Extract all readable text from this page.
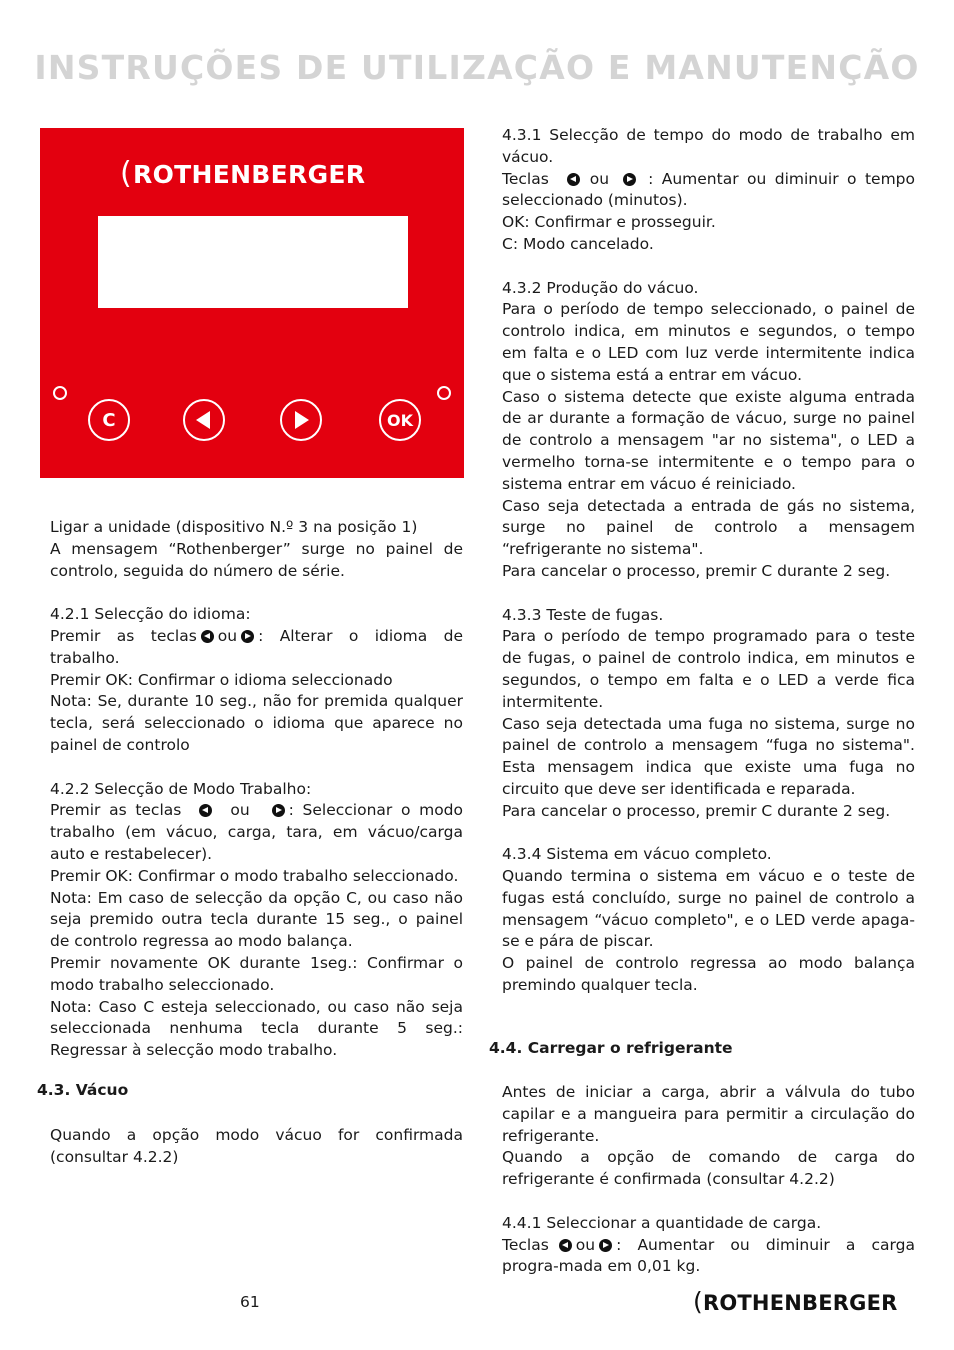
INSTRUÇÕES DE UTILIZAÇÃO E MANUTENÇÃO
(ROTHENBERGER
C	OK

Ligar a unidade (dispositivo N.º 3 na posição 1)

A mensagem “Rothenberger” surge no painel de controlo, seguida do número de série.

4.2.1 Selecção do idioma:

Premir as teclas ou : Alterar o idioma de trabalho.

Premir OK: Confirmar o idioma seleccionado

Nota: Se, durante 10 seg., não for premida qualquer tecla, será seleccionado o idioma que aparece no painel de controlo

4.2.2 Selecção de Modo Trabalho:

Premir as teclas	ou	: Seleccionar o modo trabalho (em vácuo, carga, tara, em vácuo/carga auto e restabelecer).

Premir OK: Confirmar o modo trabalho seleccionado.

Nota: Em caso de selecção da opção C, ou caso não seja premido outra tecla durante 15 seg., o painel de controlo regressa ao modo balança.

Premir novamente OK durante 1seg.: Confirmar o modo trabalho seleccionado.

Nota: Caso C esteja seleccionado, ou caso não seja seleccionada nenhuma tecla durante 5 seg.: Regressar à selecção modo trabalho.

4.3. Vácuo

Quando a opção modo vácuo for confirmada (consultar 4.2.2)

4.3.1 Selecção de tempo do modo de trabalho em vácuo.

Teclas	ou	: Aumentar ou diminuir o tempo seleccionado (minutos).

OK: Confirmar e prosseguir.

C: Modo cancelado.

4.3.2 Produção do vácuo.

Para o período de tempo seleccionado, o painel de controlo indica, em minutos e segundos, o tempo em falta e o LED com luz verde intermitente indica que o sistema está a entrar em vácuo.

Caso o sistema detecte que existe alguma entrada de ar durante a formação de vácuo, surge no painel de controlo a mensagem "ar no sistema", o LED a vermelho torna-se intermitente e o tempo para o sistema entrar em vácuo é reiniciado.

Caso seja detectada a entrada de gás no sistema, surge no painel de controlo a mensagem “refrigerante no sistema".

Para cancelar o processo, premir C durante 2 seg.

4.3.3 Teste de fugas.

Para o período de tempo programado para o teste de fugas, o painel de controlo indica, em minutos e segundos, o tempo em falta e o LED a verde fica intermitente.

Caso seja detectada uma fuga no sistema, surge no painel de controlo a mensagem “fuga no sistema". Esta mensagem indica que existe uma fuga no circuito que deve ser identificada e reparada.

Para cancelar o processo, premir C durante 2 seg.

4.3.4 Sistema em vácuo completo.

Quando termina o sistema em vácuo e o teste de fugas está concluído, surge no painel de controlo a mensagem “vácuo completo", e o LED verde apaga-se e pára de piscar.

O painel de controlo regressa ao modo balança premindo qualquer tecla.

4.4. Carregar o refrigerante

Antes de iniciar a carga, abrir a válvula do tubo capilar e a mangueira para permitir a circulação do refrigerante.

Quando a opção de comando de carga do refrigerante é confirmada (consultar 4.2.2)

4.4.1 Seleccionar a quantidade de carga.

Teclas ou : Aumentar ou diminuir a carga progra-mada em 0,01 kg.

61	(ROTHENBERGER
